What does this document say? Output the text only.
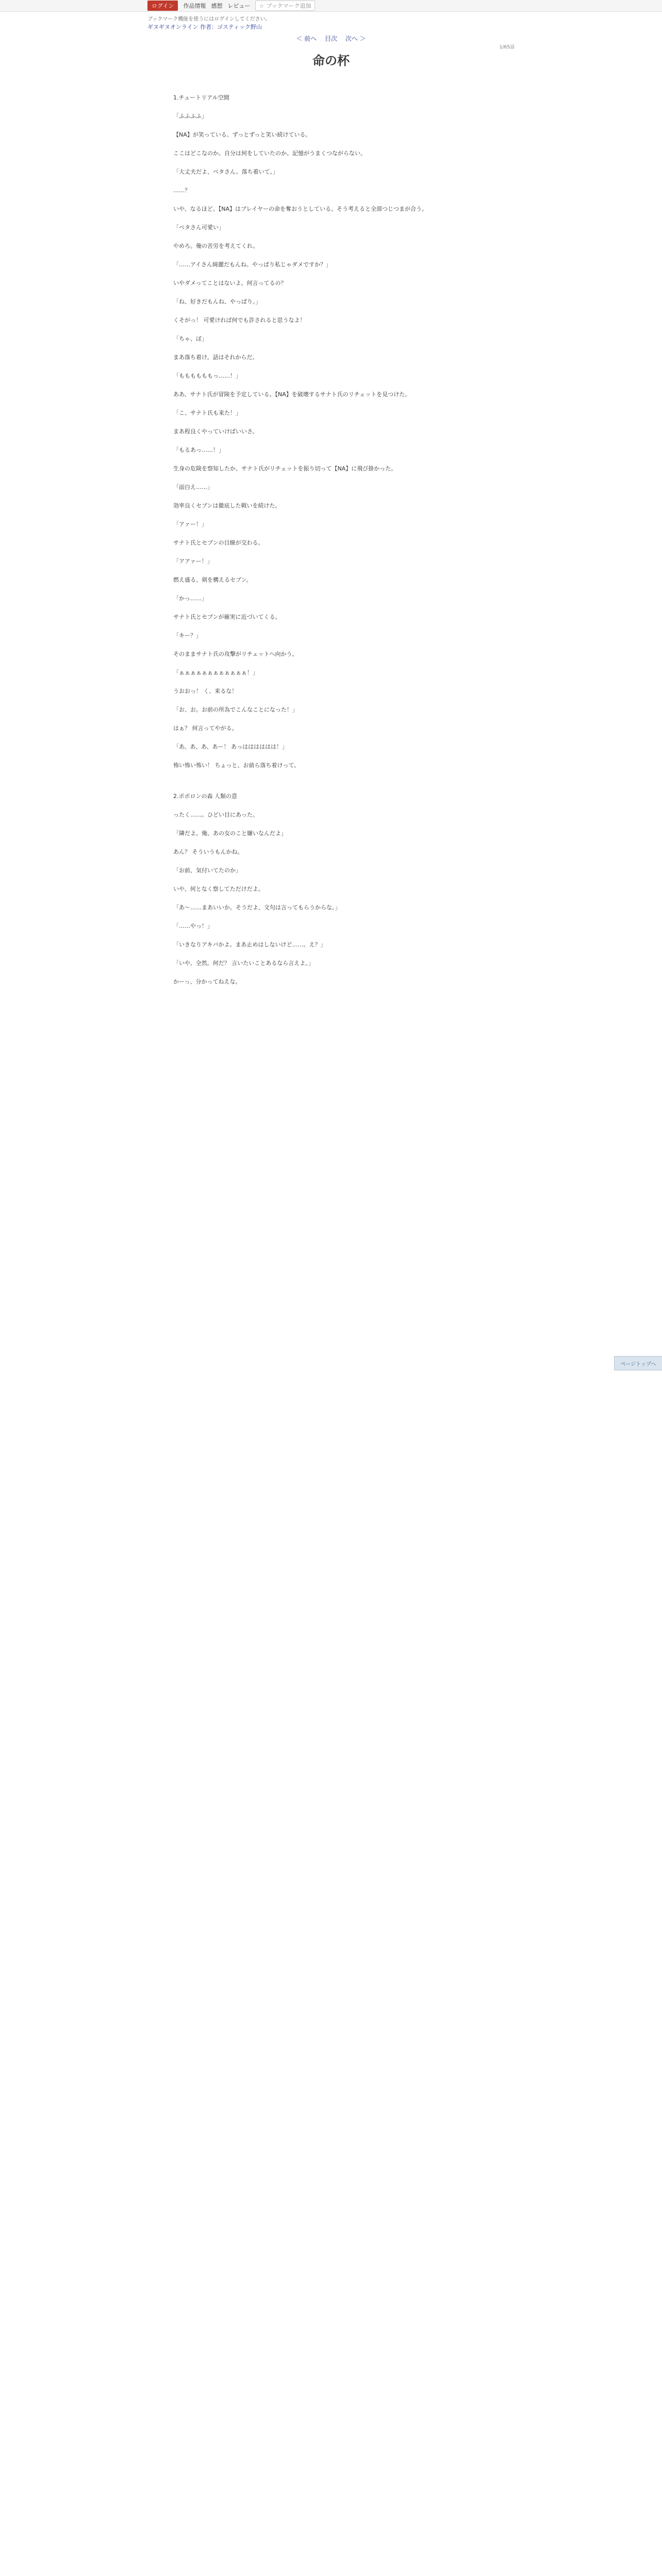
ログイン	作品情報 感想 レビュー ☆ ブックマーク追加
ブックマーク機能を使うにはログインしてください。
ギヌギヌオンライン 作者：ゴスティック野山
＜ 前へ 目次 次へ ＞
1/65話
命の杯

1.チュートリアル空間

「ふふふふ」

【NA】が笑っている。ずっとずっと笑い続けている。

ここはどこなのか。自分は何をしていたのか。記憶がうまくつながらない。

「大丈夫だよ、ペタさん。落ち着いて。」

……？

いや、なるほど。【NA】はプレイヤーの命を奪おうとしている。そう考えると全部つじつまが合う。

「ペタさん可愛い」

やめろ。俺の苦労を考えてくれ。

「……アイさん綺麗だもんね。やっぱり私じゃダメですか？」

いやダメってことはないよ。何言ってるの？

「ね、好きだもんね、やっぱり。」

くそがっ！ 可愛ければ何でも許されると思うなよ！

「ちゃ、ぼ」

まあ落ち着け。話はそれからだ。

「ももももももっ……！」

ああ、サナト氏が冒険を予定している。【NA】を破壊するサナト氏のリチェットを見つけた。

「こ、サナト氏も来た！」

まあ程良くやっていけばいいさ。

「もるあっ……！」

生身の危険を察知したか、サナト氏がリチェットを振り切って【NA】に飛び掛かった。

「面白え……」

効率良くセブンは徹底した戦いを続けた。

「アァー！」

サナト氏とセブンの目線が交わる。

「アアァー！」

燃え盛る、剣を構えるセブン。

「かっ……」

サナト氏とセブンが確実に近づいてくる。

「キー？」

そのままサナト氏の攻撃がリチェットへ向かう。

「ぁぁぁぁぁぁぁぁぁぁぁぁ！」

うおおっ！ く、来るな！

「お、お。お前の所為でこんなことになった！」

はぁ？ 何言ってやがる。

「あ、あ、あ、あー！ あっはははははは！」

怖い怖い怖い！ ちょっと、お前ら落ち着けって。

2.ポポロンの森 人類の意

ったく……。ひどい目にあった。

「隣だよ。俺、あの女のこと嫌いなんだよ」

あん？ そういうもんかね。

「お前、気付いてたのか」

いや、何となく察してただけだよ。

「あ〜……まあいいか。そうだよ、文句は言ってもらうからな。」

「……やっ！」

「いきなりアキバかよ。まあ止めはしないけど……。え？」

「いや、全然。何だ？ 言いたいことあるなら言えよ。」

かーっ、分かってねえな。

ページトップへ
